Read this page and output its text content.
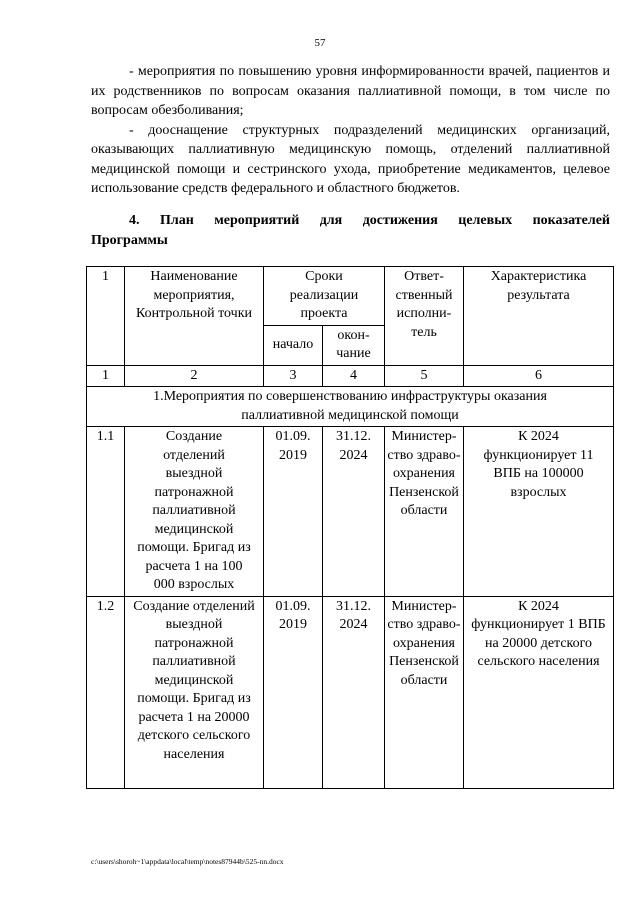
57

- мероприятия по повышению уровня информированности врачей, пациентов и их родственников по вопросам оказания паллиативной помощи, в том числе по вопросам обезболивания;

- дооснащение структурных подразделений медицинских организаций, оказывающих паллиативную медицинскую помощь, отделений паллиативной медицинской помощи и сестринского ухода, приобретение медикаментов, целевое использование средств федерального и областного бюджетов.

4. План мероприятий для достижения целевых показателей
Программы
1	Наименование мероприятия, Контрольной точки	Сроки реализации проекта		Ответ-ственный исполни-тель	Характеристика результата
		начало	окон-чание		
1	2	3	4	5	6
1.Мероприятия по совершенствованию инфраструктуры оказания паллиативной медицинской помощи					
1.1	Создание отделений выездной патронажной паллиативной медицинской помощи. Бригад из расчета 1 на 100 000 взрослых	01.09. 2019	31.12. 2024	Министер-ство здраво-охранения Пензенской области	К 2024 функционирует 11 ВПБ на 100000 взрослых
1.2	Создание отделений выездной патронажной паллиативной медицинской помощи. Бригад из расчета 1 на 20000 детского сельского населения	01.09. 2019	31.12. 2024	Министер-ство здраво-охранения Пензенской области	К 2024 функционирует 1 ВПБ на 20000 детского сельского населения
c:\users\shoroh~1\appdata\local\temp\notes87944b\525-nn.docx
